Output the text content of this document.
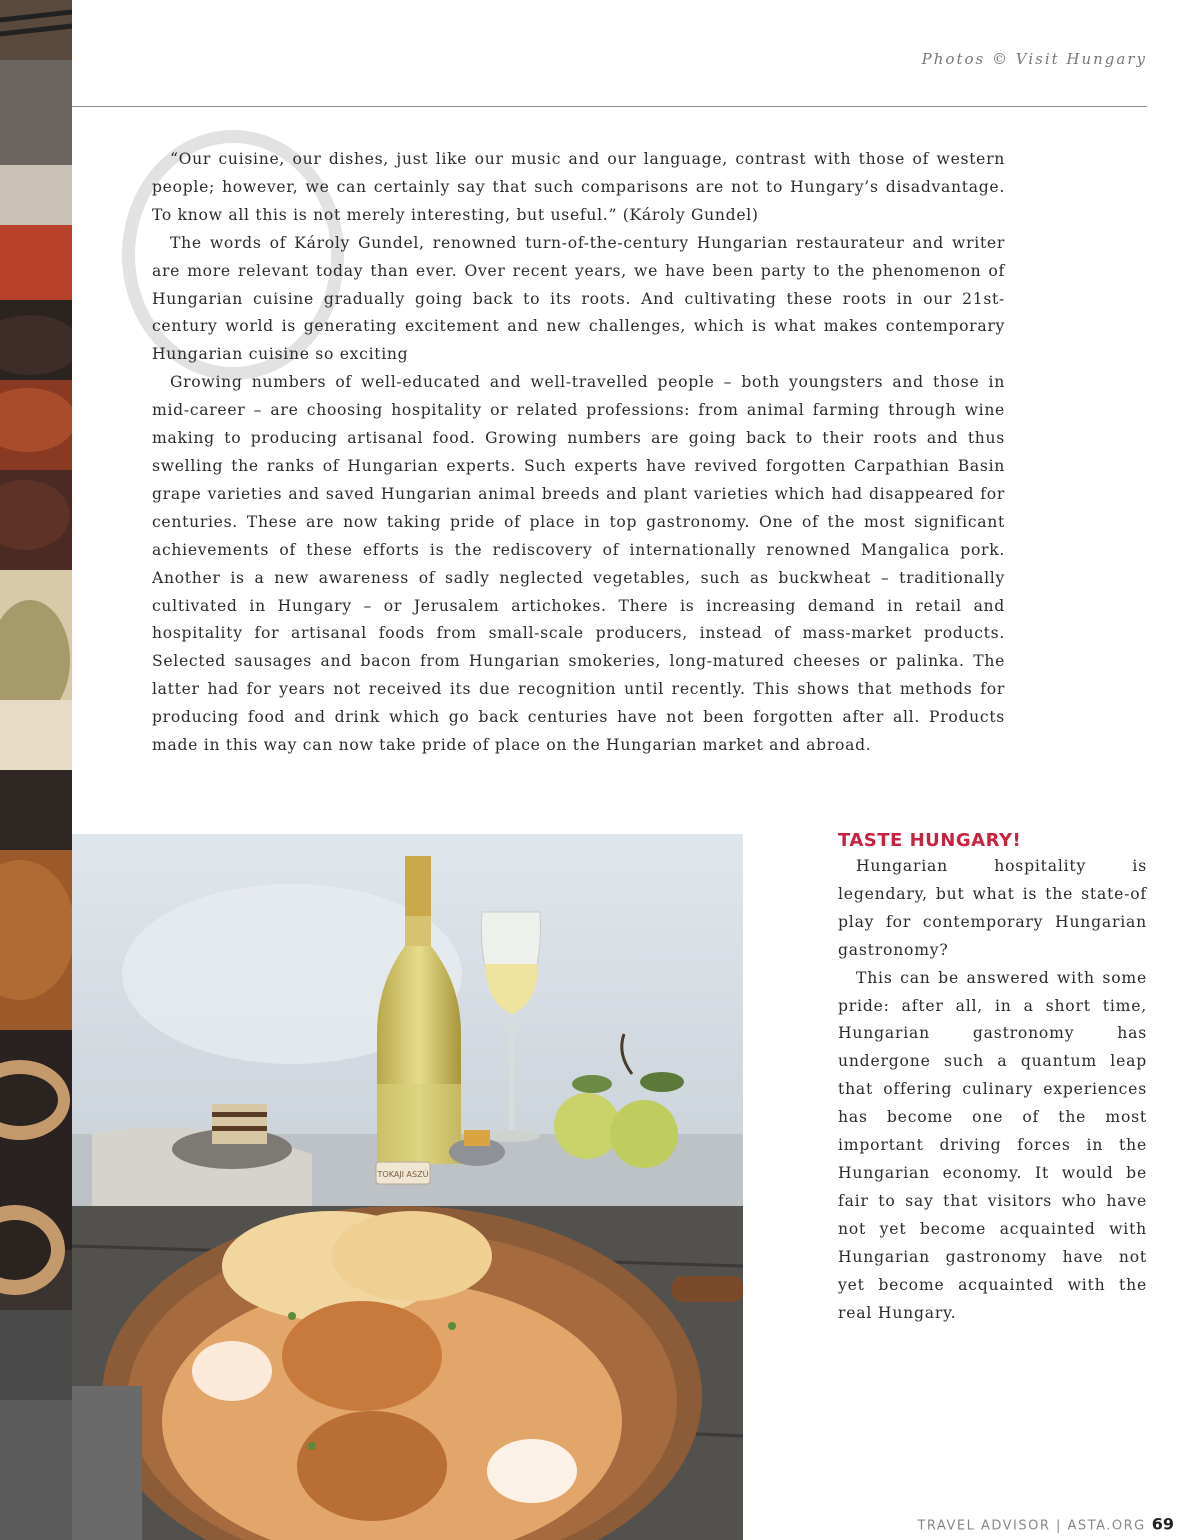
Photos © Visit Hungary

“Our cuisine, our dishes, just like our music and our language, contrast with those of western people; however, we can certainly say that such comparisons are not to Hungary’s disadvantage. To know all this is not merely interesting, but useful.” (Károly Gundel)

The words of Károly Gundel, renowned turn-of-the-century Hungarian restaurateur and writer are more relevant today than ever. Over recent years, we have been party to the phenomenon of Hungarian cuisine gradually going back to its roots. And cultivating these roots in our 21st-century world is generating excitement and new challenges, which is what makes contemporary Hungarian cuisine so exciting

Growing numbers of well-educated and well-travelled people – both youngsters and those in mid-career – are choosing hospitality or related professions: from animal farming through wine making to producing artisanal food. Growing numbers are going back to their roots and thus swelling the ranks of Hungarian experts. Such experts have revived forgotten Carpathian Basin grape varieties and saved Hungarian animal breeds and plant varieties which had disappeared for centuries. These are now taking pride of place in top gastronomy. One of the most significant achievements of these efforts is the rediscovery of internationally renowned Mangalica pork. Another is a new awareness of sadly neglected vegetables, such as buckwheat – traditionally cultivated in Hungary – or Jerusalem artichokes. There is increasing demand in retail and hospitality for artisanal foods from small-scale producers, instead of mass-market products. Selected sausages and bacon from Hungarian smokeries, long-matured cheeses or palinka. The latter had for years not received its due recognition until recently. This shows that methods for producing food and drink which go back centuries have not been forgotten after all. Products made in this way can now take pride of place on the Hungarian market and abroad.

TOKAJI ASZÚ
TASTE HUNGARY!

Hungarian hospitality is legendary, but what is the state-of play for contemporary Hungarian gastronomy?

This can be answered with some pride: after all, in a short time, Hungarian gastronomy has undergone such a quantum leap that offering culinary experiences has become one of the most important driving forces in the Hungarian economy. It would be fair to say that visitors who have not yet become acquainted with Hungarian gastronomy have not yet become acquainted with the real Hungary.

TRAVEL ADVISOR | ASTA.ORG 69
